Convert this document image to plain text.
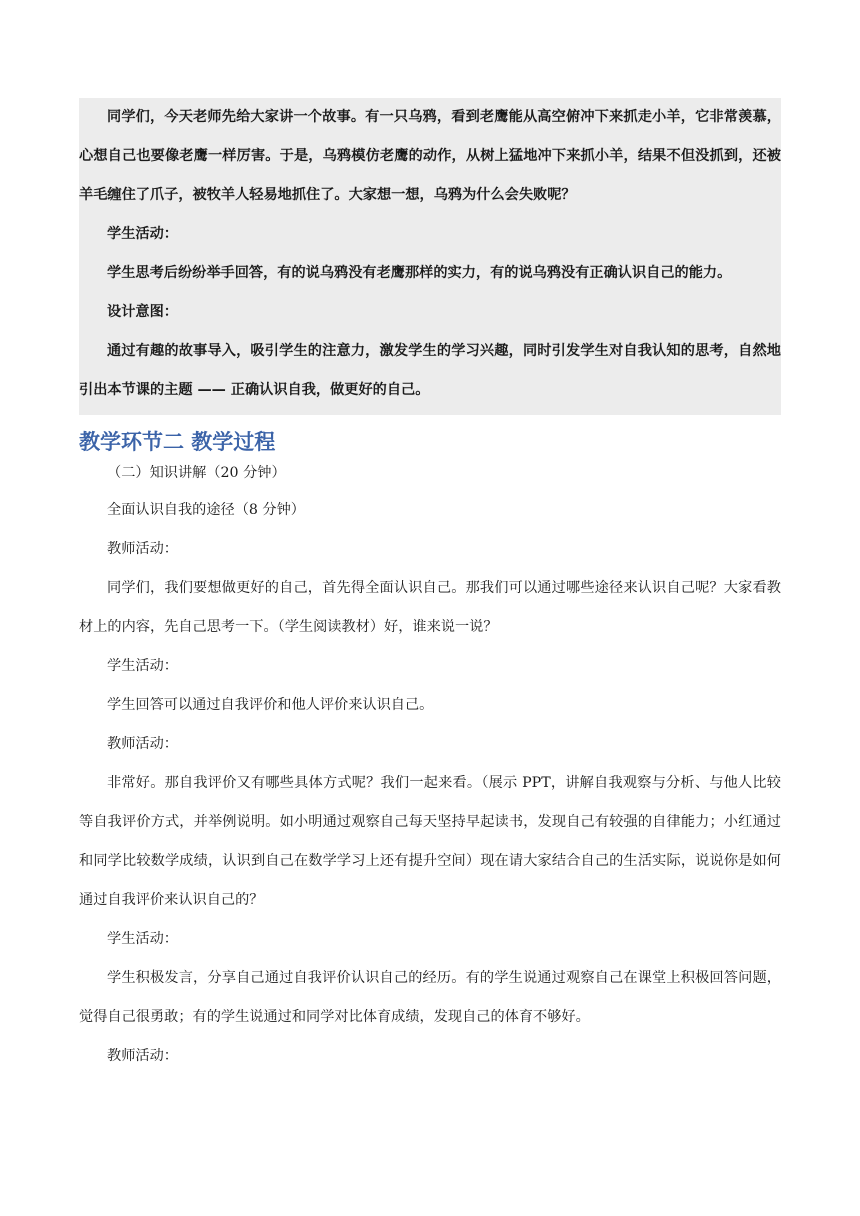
同学们，今天老师先给大家讲一个故事。有一只乌鸦，看到老鹰能从高空俯冲下来抓走小羊，它非常羡慕，心想自己也要像老鹰一样厉害。于是，乌鸦模仿老鹰的动作，从树上猛地冲下来抓小羊，结果不但没抓到，还被羊毛缠住了爪子，被牧羊人轻易地抓住了。大家想一想，乌鸦为什么会失败呢？

学生活动：

学生思考后纷纷举手回答，有的说乌鸦没有老鹰那样的实力，有的说乌鸦没有正确认识自己的能力。

设计意图：

通过有趣的故事导入，吸引学生的注意力，激发学生的学习兴趣，同时引发学生对自我认知的思考，自然地引出本节课的主题 —— 正确认识自我，做更好的自己。

教学环节二 教学过程

（二）知识讲解（20 分钟）

全面认识自我的途径（8 分钟）

教师活动：

同学们，我们要想做更好的自己，首先得全面认识自己。那我们可以通过哪些途径来认识自己呢？大家看教材上的内容，先自己思考一下。（学生阅读教材）好，谁来说一说？

学生活动：

学生回答可以通过自我评价和他人评价来认识自己。

教师活动：

非常好。那自我评价又有哪些具体方式呢？我们一起来看。（展示 PPT，讲解自我观察与分析、与他人比较等自我评价方式，并举例说明。如小明通过观察自己每天坚持早起读书，发现自己有较强的自律能力；小红通过和同学比较数学成绩，认识到自己在数学学习上还有提升空间）现在请大家结合自己的生活实际，说说你是如何通过自我评价来认识自己的？

学生活动：

学生积极发言，分享自己通过自我评价认识自己的经历。有的学生说通过观察自己在课堂上积极回答问题，觉得自己很勇敢；有的学生说通过和同学对比体育成绩，发现自己的体育不够好。

教师活动：
